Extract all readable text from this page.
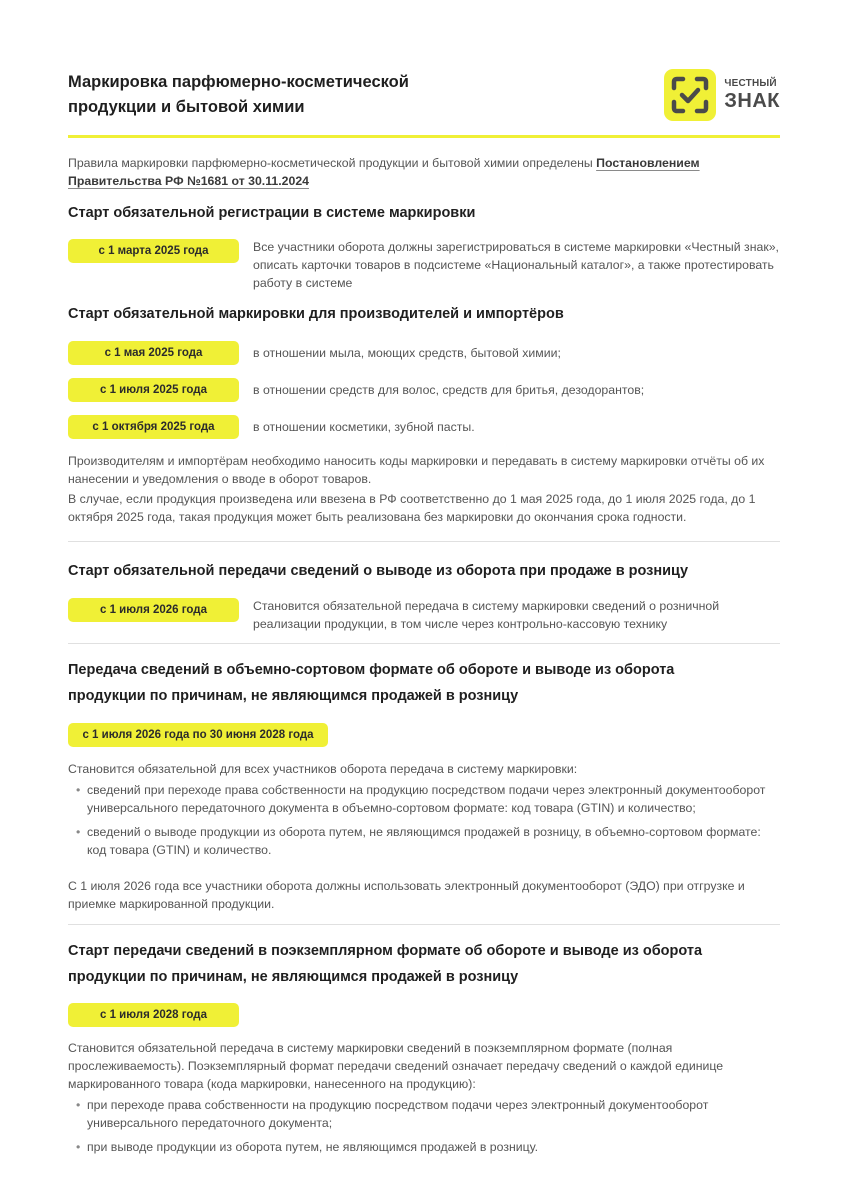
Маркировка парфюмерно-косметической продукции и бытовой химии
ЧЕСТНЫЙ
ЗНАК
Правила маркировки парфюмерно-косметической продукции и бытовой химии определены Постановлением Правительства РФ №1681 от 30.11.2024
Старт обязательной регистрации в системе маркировки
с 1 марта 2025 года	Все участники оборота должны зарегистрироваться в системе маркировки «Честный знак», описать карточки товаров в подсистеме «Национальный каталог», а также протестировать работу в системе
Старт обязательной маркировки для производителей и импортёров
с 1 мая 2025 года	в отношении мыла, моющих средств, бытовой химии;
с 1 июля 2025 года	в отношении средств для волос, средств для бритья, дезодорантов;
с 1 октября 2025 года	в отношении косметики, зубной пасты.
Производителям и импортёрам необходимо наносить коды маркировки и передавать в систему маркировки отчёты об их нанесении и уведомления о вводе в оборот товаров.
В случае, если продукция произведена или ввезена в РФ соответственно до 1 мая 2025 года, до 1 июля 2025 года, до 1 октября 2025 года, такая продукция может быть реализована без маркировки до окончания срока годности.
Старт обязательной передачи сведений о выводе из оборота при продаже в розницу
с 1 июля 2026 года	Становится обязательной передача в систему маркировки сведений о розничной реализации продукции, в том числе через контрольно-кассовую технику
Передача сведений в объемно-сортовом формате об обороте и выводе из оборота продукции по причинам, не являющимся продажей в розницу
с 1 июля 2026 года по 30 июня 2028 года
Становится обязательной для всех участников оборота передача в систему маркировки:
• сведений при переходе права собственности на продукцию посредством подачи через электронный документооборот универсального передаточного документа в объемно-сортовом формате: код товара (GTIN) и количество;
• сведений о выводе продукции из оборота путем, не являющимся продажей в розницу, в объемно-сортовом формате: код товара (GTIN) и количество.
С 1 июля 2026 года все участники оборота должны использовать электронный документооборот (ЭДО) при отгрузке и приемке маркированной продукции.
Старт передачи сведений в поэкземплярном формате об обороте и выводе из оборота продукции по причинам, не являющимся продажей в розницу
с 1 июля 2028 года
Становится обязательной передача в систему маркировки сведений в поэкземплярном формате (полная прослеживаемость). Поэкземплярный формат передачи сведений означает передачу сведений о каждой единице маркированного товара (кода маркировки, нанесенного на продукцию):
• при переходе права собственности на продукцию посредством подачи через электронный документооборот универсального передаточного документа;
• при выводе продукции из оборота путем, не являющимся продажей в розницу.
